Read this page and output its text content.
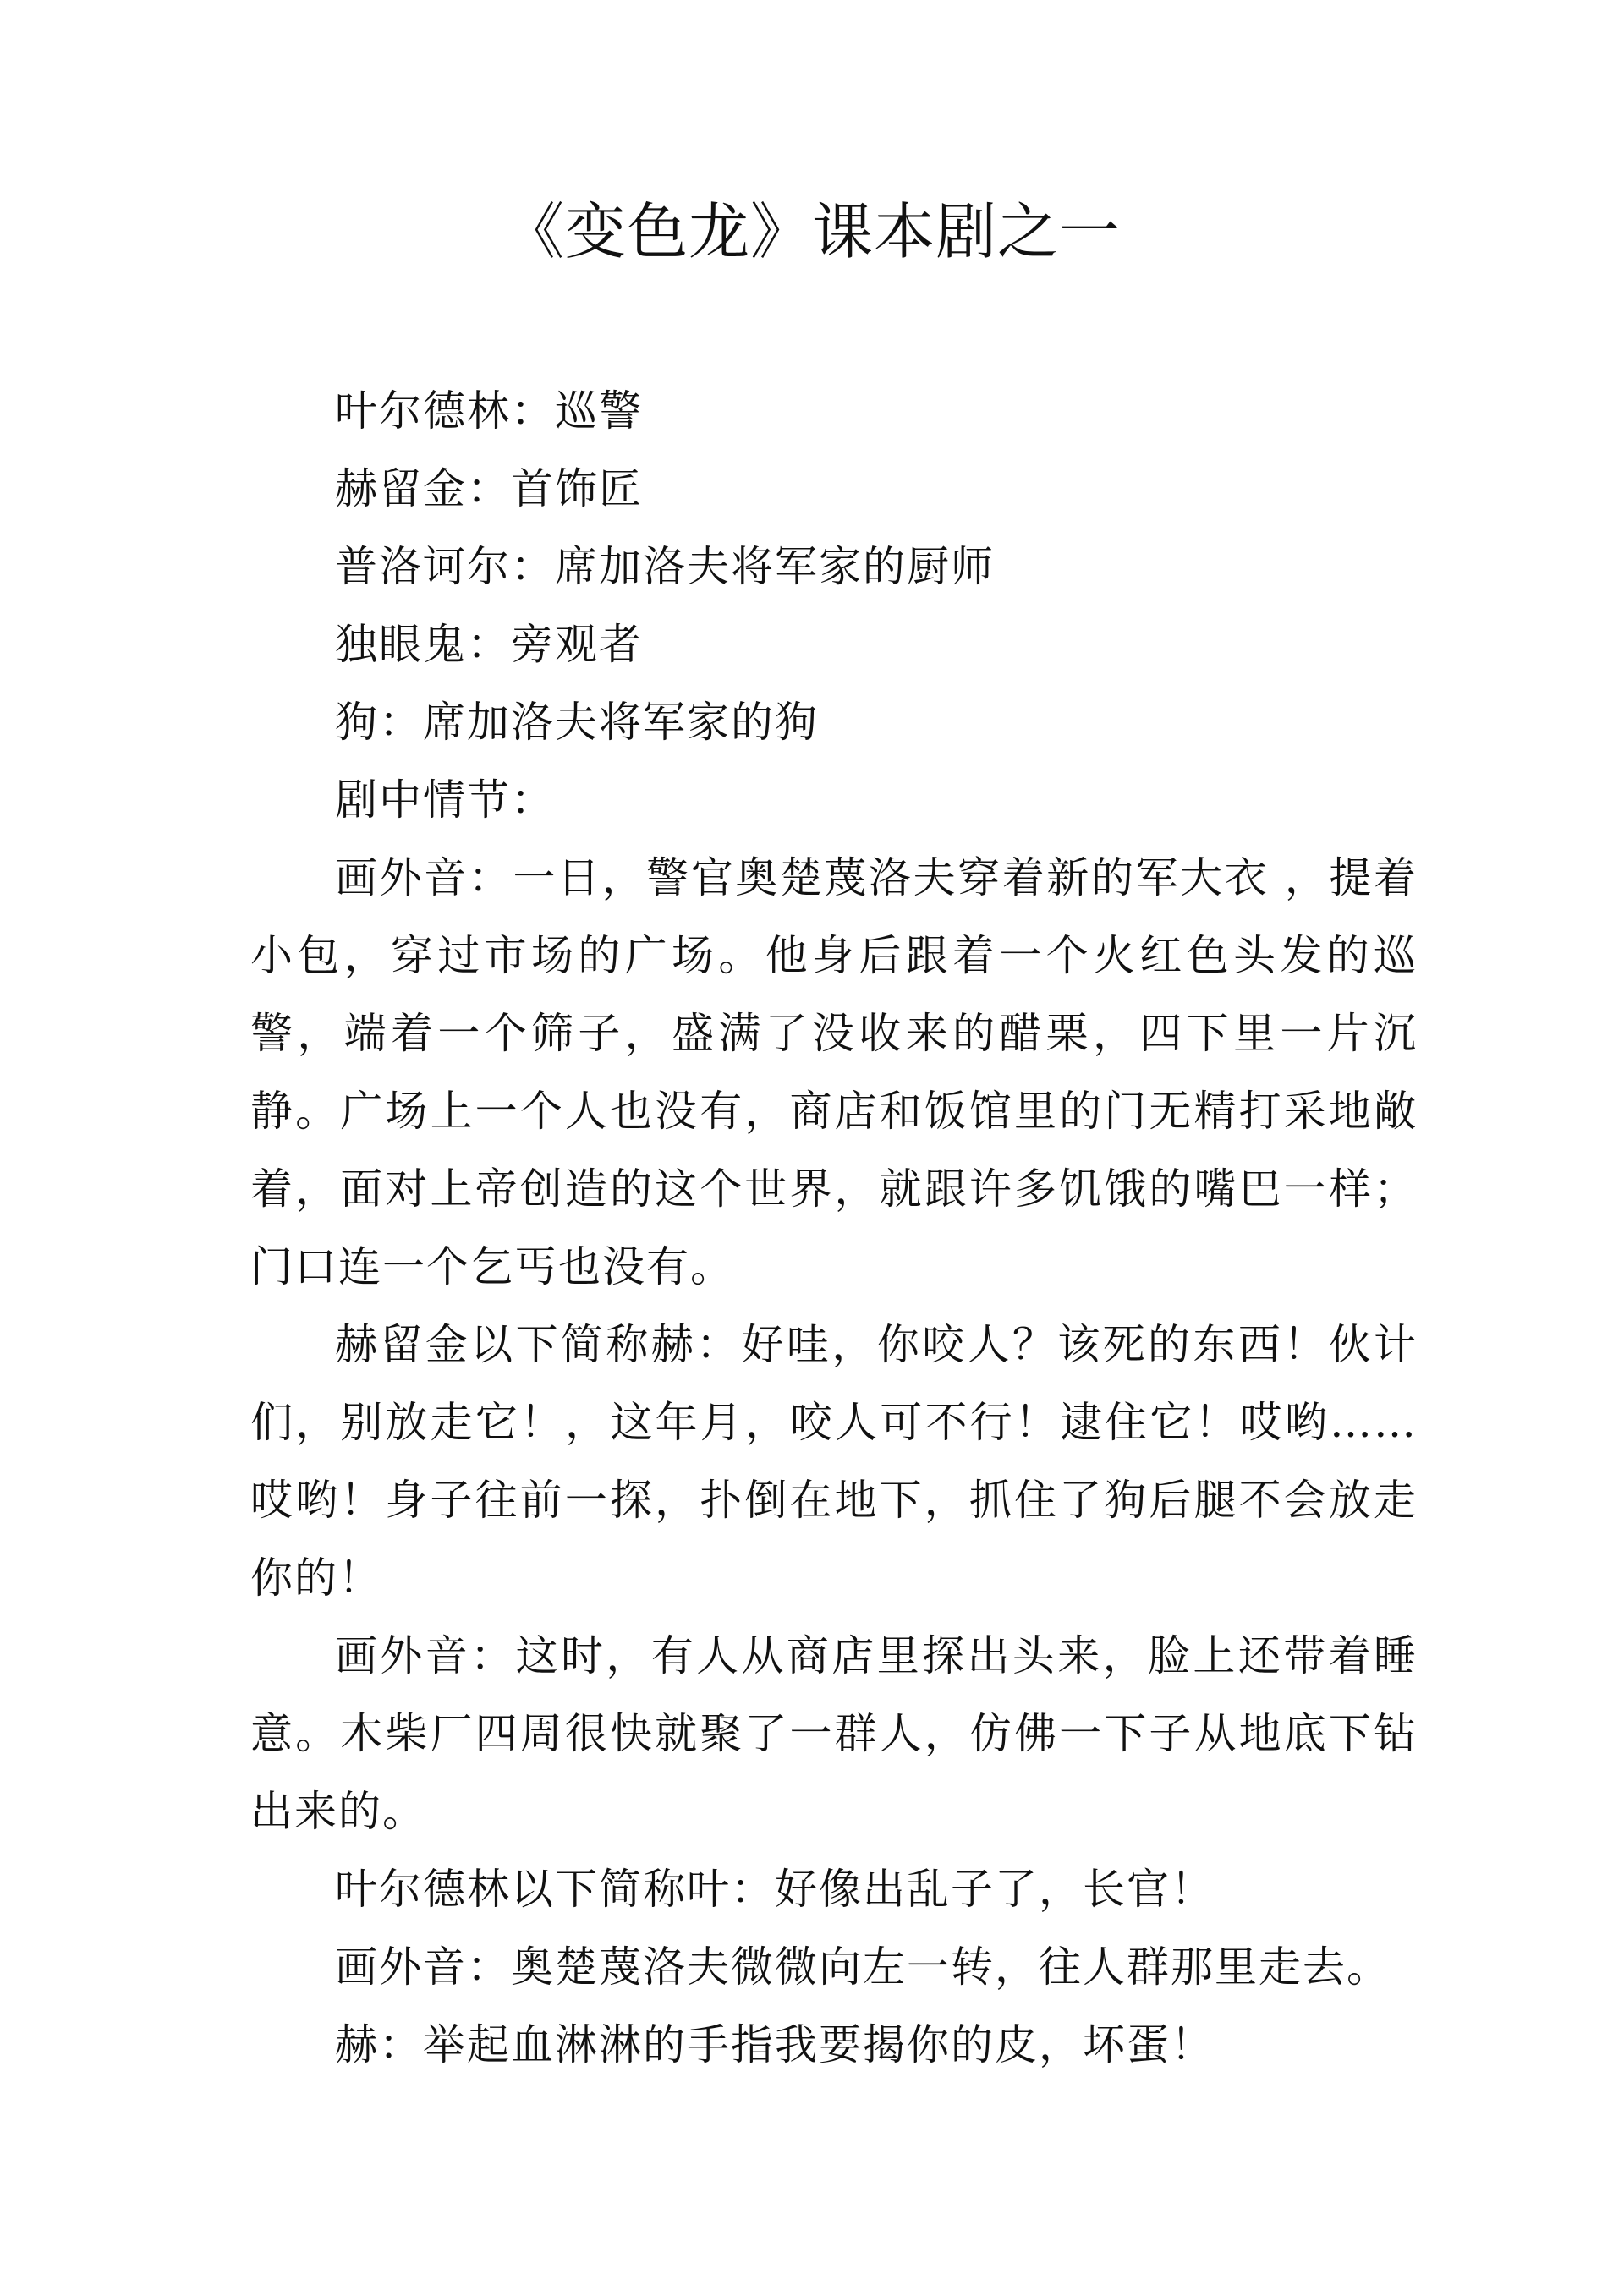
《变色龙》课本剧之一

叶尔德林：巡警

赫留金：首饰匠

普洛诃尔：席加洛夫将军家的厨师

独眼鬼：旁观者

狗：席加洛夫将军家的狗

剧中情节：

画外音：一日，警官奥楚蔑洛夫穿着新的军大衣 ，提着小包，穿过市场的广场。他身后跟着一个火红色头发的巡警，端着一个筛子，盛满了没收来的醋栗，四下里一片沉静。广场上一个人也没有，商店和饭馆里的门无精打采地敞着，面对上帝创造的这个世界，就跟许多饥饿的嘴巴一样；门口连一个乞丐也没有。

赫留金以下简称赫：好哇，你咬人？该死的东西！伙计们，别放走它！，这年月，咬人可不行！逮住它！哎哟……哎哟！身子往前一探，扑倒在地下，抓住了狗后腿不会放走你的！

画外音：这时，有人从商店里探出头来，脸上还带着睡意。木柴厂四周很快就聚了一群人，仿佛一下子从地底下钻出来的。

叶尔德林以下简称叶：好像出乱子了，长官！

画外音：奥楚蔑洛夫微微向左一转，往人群那里走去。

赫：举起血淋淋的手指我要揭你的皮，坏蛋！
